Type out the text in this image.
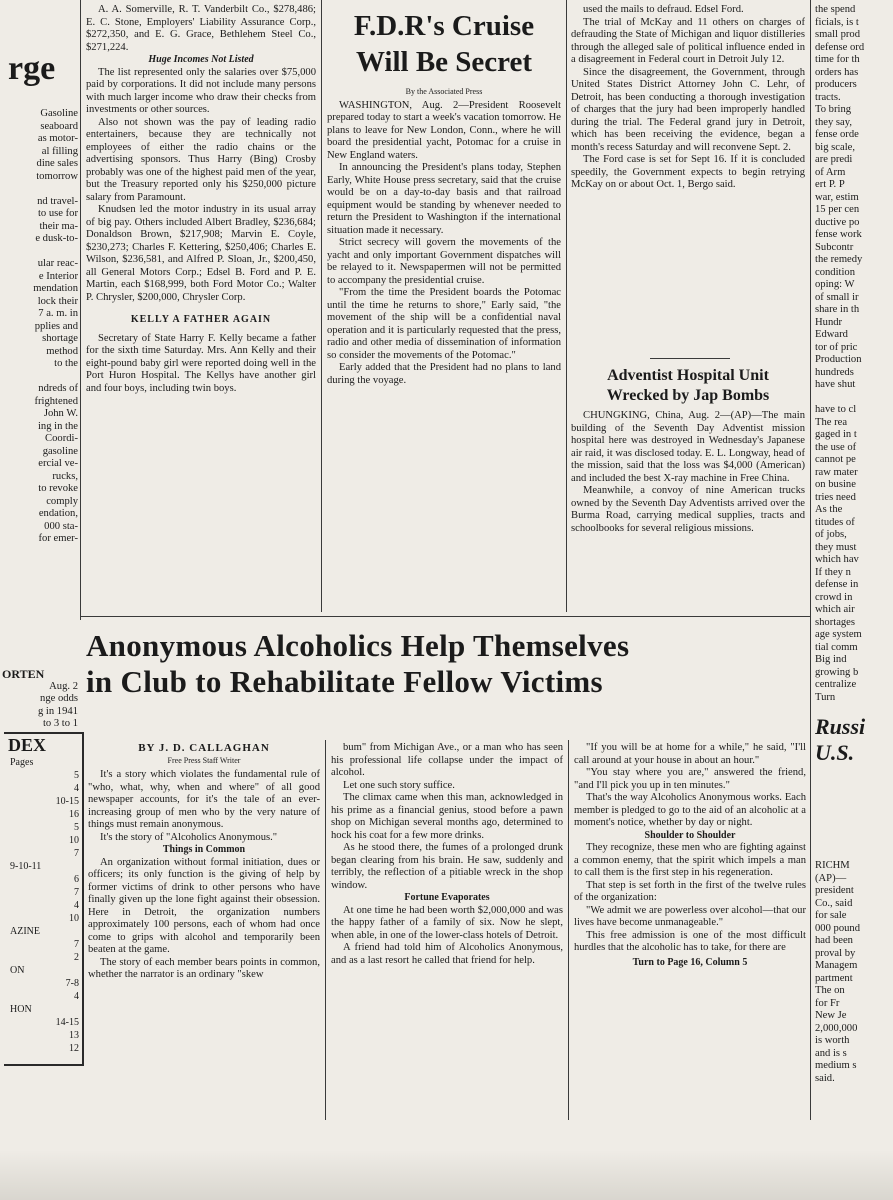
rge
Gasoline
seaboard
as motor-
al filling
dine sales
tomorrow

nd travel-
to use for
their ma-
e dusk-to-

ular reac-
e Interior
mendation
lock their
7 a. m. in
pplies and
shortage
method
to the

ndreds of
frightened
John W.
ing in the
Coordi-
gasoline
ercial ve-
rucks,
to revoke
comply
endation,
000 sta-
for emer-
ORTEN
Aug. 2
nge odds
g in 1941
to 3 to 1
DEX
Pages
5
4
10-15
16
5
10
7
9-10-11
6
7
4
10
AZINE
7
2
ON
7-8
4
HON
14-15
13
12

A. A. Somerville, R. T. Vanderbilt Co., $278,486; E. C. Stone, Employers' Liability Assurance Corp., $272,350, and E. G. Grace, Bethlehem Steel Co., $271,224.

Huge Incomes Not Listed

The list represented only the salaries over $75,000 paid by corporations. It did not include many persons with much larger income who draw their checks from investments or other sources.

Also not shown was the pay of leading radio entertainers, because they are technically not employees of either the radio chains or the advertising sponsors. Thus Harry (Bing) Crosby probably was one of the highest paid men of the year, but the Treasury reported only his $250,000 picture salary from Paramount.

Knudsen led the motor industry in its usual array of big pay. Others included Albert Bradley, $236,684; Donaldson Brown, $217,908; Marvin E. Coyle, $230,273; Charles F. Kettering, $250,406; Charles E. Wilson, $236,581, and Alfred P. Sloan, Jr., $200,450, all General Motors Corp.; Edsel B. Ford and P. E. Martin, each $168,999, both Ford Motor Co.; Walter P. Chrysler, $200,000, Chrysler Corp.

KELLY A FATHER AGAIN

Secretary of State Harry F. Kelly became a father for the sixth time Saturday. Mrs. Ann Kelly and their eight-pound baby girl were reported doing well in the Port Huron Hospital. The Kellys have another girl and four boys, including twin boys.

F.D.R's Cruise
Will Be Secret

By the Associated Press

WASHINGTON, Aug. 2—President Roosevelt prepared today to start a week's vacation tomorrow. He plans to leave for New London, Conn., where he will board the presidential yacht, Potomac for a cruise in New England waters.

In announcing the President's plans today, Stephen Early, White House press secretary, said that the cruise would be on a day-to-day basis and that railroad equipment would be standing by whenever needed to return the President to Washington if the international situation made it necessary.

Strict secrecy will govern the movements of the yacht and only important Government dispatches will be relayed to it. Newspapermen will not be permitted to accompany the presidential cruise.

"From the time the President boards the Potomac until the time he returns to shore," Early said, "the movement of the ship will be a confidential naval operation and it is particularly requested that the press, radio and other media of dissemination of information so consider the movements of the Potomac."

Early added that the President had no plans to land during the voyage.

used the mails to defraud. Edsel Ford.

The trial of McKay and 11 others on charges of defrauding the State of Michigan and liquor distilleries through the alleged sale of political influence ended in a disagreement in Federal court in Detroit July 12.

Since the disagreement, the Government, through United States District Attorney John C. Lehr, of Detroit, has been conducting a thorough investigation of charges that the jury had been improperly handled during the trial. The Federal grand jury in Detroit, which has been receiving the evidence, began a month's recess Saturday and will reconvene Sept. 2.

The Ford case is set for Sept 16. If it is concluded speedily, the Government expects to begin retrying McKay on or about Oct. 1, Bergo said.

Adventist Hospital Unit
Wrecked by Jap Bombs

CHUNGKING, China, Aug. 2—(AP)—The main building of the Seventh Day Adventist mission hospital here was destroyed in Wednesday's Japanese air raid, it was disclosed today. E. L. Longway, head of the mission, said that the loss was $4,000 (American) and included the best X-ray machine in Free China.

Meanwhile, a convoy of nine American trucks owned by the Seventh Day Adventists arrived over the Burma Road, carrying medical supplies, tracts and schoolbooks for several religious missions.

the spend
ficials, is t
small prod
defense ord
time for th
orders has
producers
tracts.
To bring
they say,
fense orde
big scale,
are predi
of Arm
ert P. P
war, estim
15 per cen
ductive po
fense work
Subcontr
the remedy
condition
oping: W
of small ir
share in th
Hundr
Edward
tor of pric
Production
hundreds
have shut

have to cl
The rea
gaged in t
the use of
cannot pe
raw mater
on busine
tries need
As the
titudes of
of jobs,
they must
which hav
If they n
defense in
crowd in
which air
shortages
age system
tial comm
Big ind
growing b
centralize
Turn
Russi
U.S.
RICHM
(AP)—
president
Co., said
for sale
000 pound
had been
proval by
Managem
partment
The on
for Fr
New Je
2,000,000
is worth
and is s
medium s
said.
Anonymous Alcoholics Help Themselves
in Club to Rehabilitate Fellow Victims

BY J. D. CALLAGHAN

Free Press Staff Writer

It's a story which violates the fundamental rule of "who, what, why, when and where" of all good newspaper accounts, for it's the tale of an ever-increasing group of men who by the very nature of things must remain anonymous.

It's the story of "Alcoholics Anonymous."

Things in Common

An organization without formal initiation, dues or officers; its only function is the giving of help by former victims of drink to other persons who have finally given up the lone fight against their obsession. Here in Detroit, the organization numbers approximately 100 persons, each of whom had once come to grips with alcohol and temporarily been beaten at the game.

The story of each member bears points in common, whether the narrator is an ordinary "skew

bum" from Michigan Ave., or a man who has seen his professional life collapse under the impact of alcohol.

Let one such story suffice.

The climax came when this man, acknowledged in his prime as a financial genius, stood before a pawn shop on Michigan several months ago, determined to hock his coat for a few more drinks.

As he stood there, the fumes of a prolonged drunk began clearing from his brain. He saw, suddenly and terribly, the reflection of a pitiable wreck in the shop window.

Fortune Evaporates

At one time he had been worth $2,000,000 and was the happy father of a family of six. Now he slept, when able, in one of the lower-class hotels of Detroit.

A friend had told him of Alcoholics Anonymous, and as a last resort he called that friend for help.

"If you will be at home for a while," he said, "I'll call around at your house in about an hour."

"You stay where you are," answered the friend, "and I'll pick you up in ten minutes."

That's the way Alcoholics Anonymous works. Each member is pledged to go to the aid of an alcoholic at a moment's notice, whether by day or night.

Shoulder to Shoulder

They recognize, these men who are fighting against a common enemy, that the spirit which impels a man to call them is the first step in his regeneration.

That step is set forth in the first of the twelve rules of the organization:

"We admit we are powerless over alcohol—that our lives have become unmanageable."

This free admission is one of the most difficult hurdles that the alcoholic has to take, for there are

Turn to Page 16, Column 5
